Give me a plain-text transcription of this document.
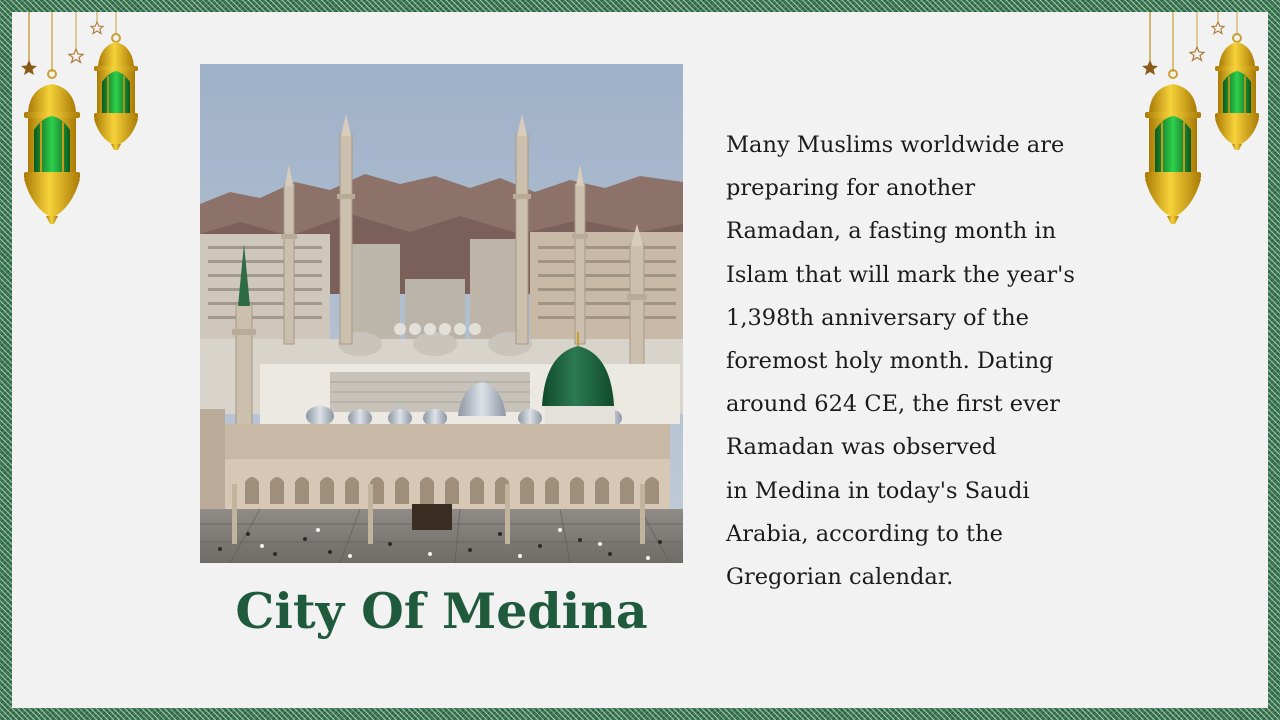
City Of Medina

Many Muslims worldwide are
preparing for another
Ramadan, a fasting month in
Islam that will mark the year's
1,398th anniversary of the
foremost holy month. Dating
around 624 CE, the first ever
Ramadan was observed
in Medina in today's Saudi
Arabia, according to the
Gregorian calendar.
